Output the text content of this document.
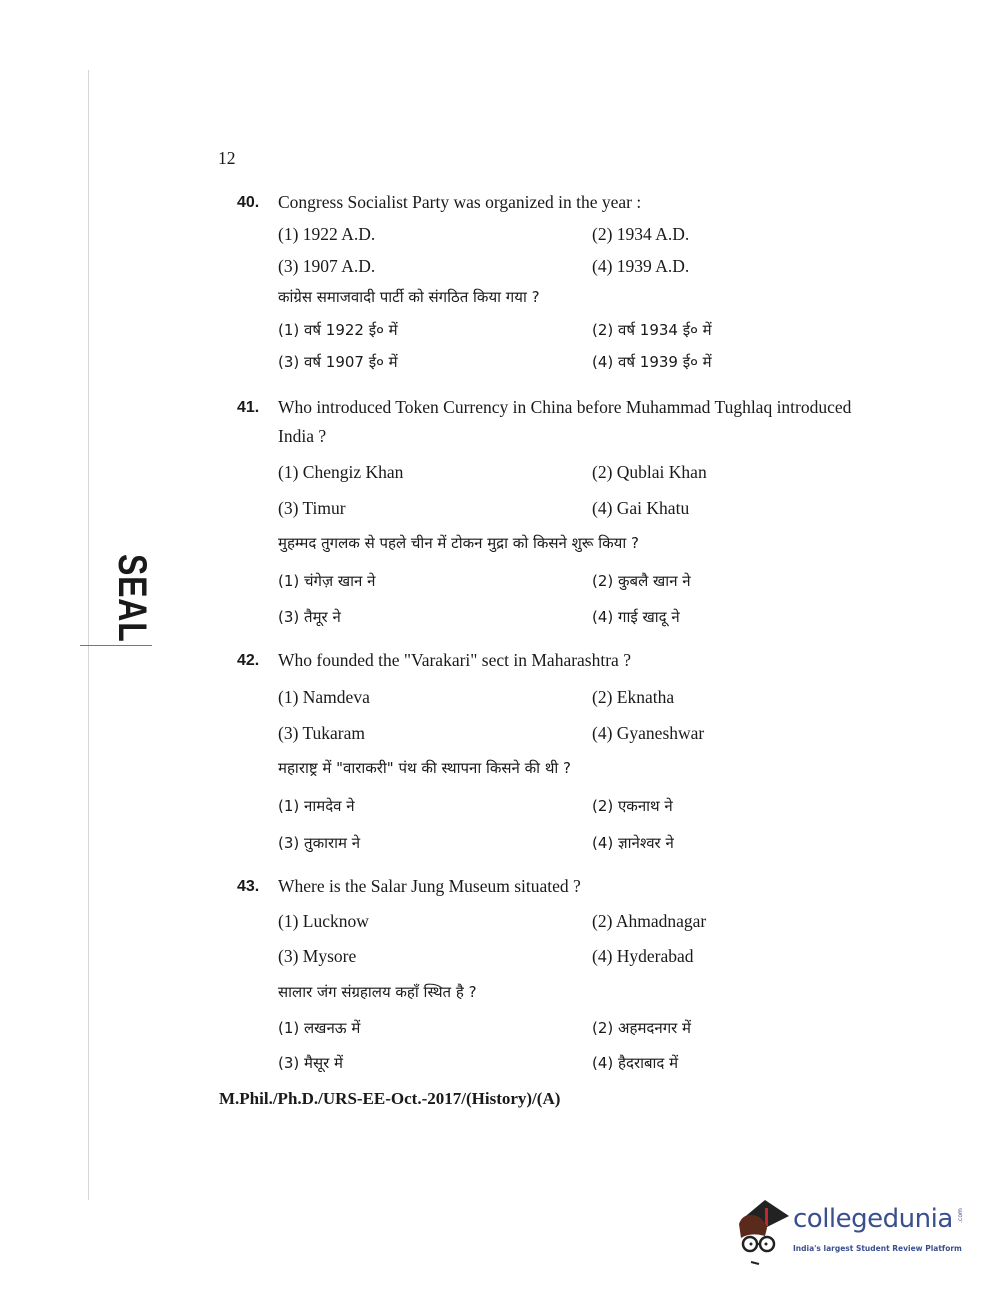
SEAL
12
40. Congress Socialist Party was organized in the year :
(1) 1922 A.D.	(2) 1934 A.D.
(3) 1907 A.D.	(4) 1939 A.D.
कांग्रेस समाजवादी पार्टी को संगठित किया गया ?
(1) वर्ष 1922 ई० में	(2) वर्ष 1934 ई० में
(3) वर्ष 1907 ई० में	(4) वर्ष 1939 ई० में
41. Who introduced Token Currency in China before Muhammad Tughlaq introduced
India ?
(1) Chengiz Khan	(2) Qublai Khan
(3) Timur	(4) Gai Khatu
मुहम्मद तुगलक से पहले चीन में टोकन मुद्रा को किसने शुरू किया ?
(1) चंगेज़ खान ने	(2) कुबलै खान ने
(3) तैमूर ने	(4) गाई खादू ने
42. Who founded the "Varakari" sect in Maharashtra ?
(1) Namdeva	(2) Eknatha
(3) Tukaram	(4) Gyaneshwar
महाराष्ट्र में "वाराकरी" पंथ की स्थापना किसने की थी ?
(1) नामदेव ने	(2) एकनाथ ने
(3) तुकाराम ने	(4) ज्ञानेश्वर ने
43. Where is the Salar Jung Museum situated ?
(1) Lucknow	(2) Ahmadnagar
(3) Mysore	(4) Hyderabad
सालार जंग संग्रहालय कहाँ स्थित है ?
(1) लखनऊ में	(2) अहमदनगर में
(3) मैसूर में	(4) हैदराबाद में
M.Phil./Ph.D./URS-EE-Oct.-2017/(History)/(A)
collegedunia .com
India's largest Student Review Platform
